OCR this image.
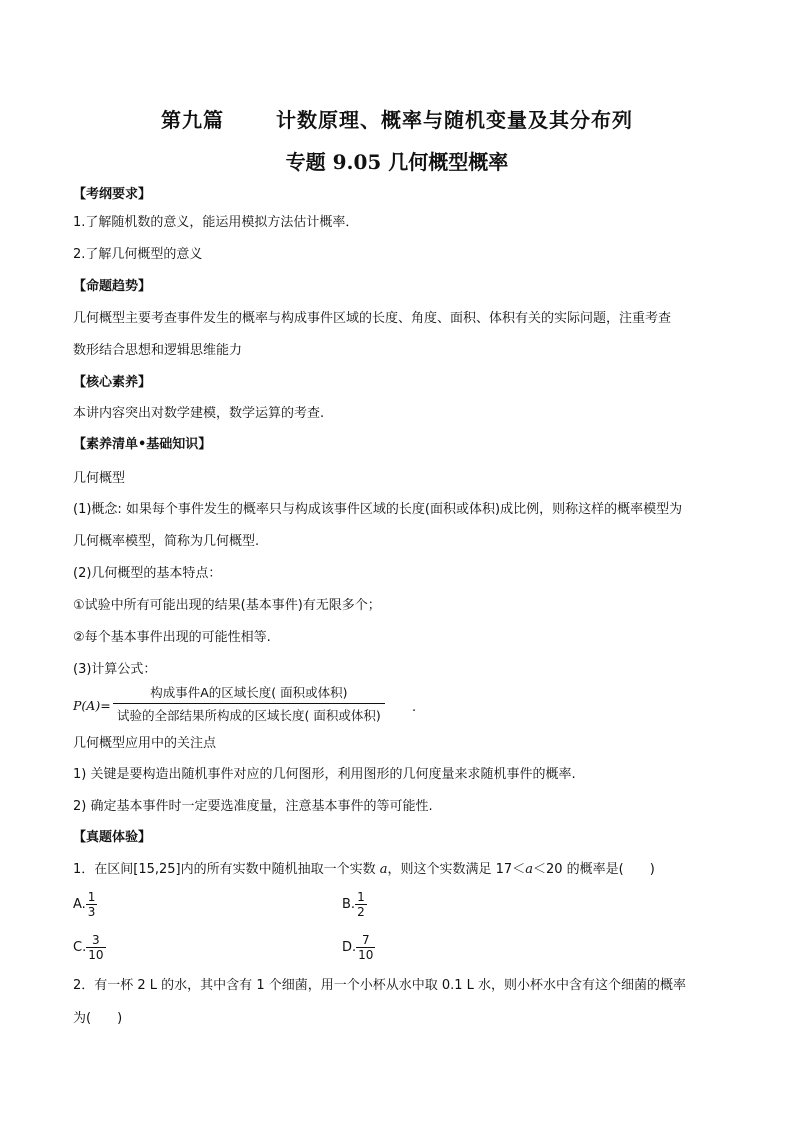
第九篇	计数原理、概率与随机变量及其分布列
专题 9.05 几何概型概率
【考纲要求】
1.了解随机数的意义，能运用模拟方法估计概率．
2.了解几何概型的意义
【命题趋势】
几何概型主要考查事件发生的概率与构成事件区域的长度、角度、面积、体积有关的实际问题，注重考查
数形结合思想和逻辑思维能力
【核心素养】
本讲内容突出对数学建模，数学运算的考查.
【素养清单•基础知识】
几何概型
(1)概念: 如果每个事件发生的概率只与构成该事件区域的长度(面积或体积)成比例，则称这样的概率模型为
几何概率模型，简称为几何概型.
(2)几何概型的基本特点：
①试验中所有可能出现的结果(基本事件)有无限多个；
②每个基本事件出现的可能性相等.
(3)计算公式：
P(A)=
构成事件A的区域长度( 面积或体积)
试验的全部结果所构成的区域长度( 面积或体积)
.
几何概型应用中的关注点
1) 关键是要构造出随机事件对应的几何图形，利用图形的几何度量来求随机事件的概率.
2) 确定基本事件时一定要选准度量，注意基本事件的等可能性.
【真题体验】
1．在区间[15,25]内的所有实数中随机抽取一个实数 a，则这个实数满足 17＜a＜20 的概率是(　　)
A. $\frac{1}{3}$	B. $\frac{1}{2}$
C. $\frac{3}{10}$	D. $\frac{7}{10}$
2．有一杯 2 L 的水，其中含有 1 个细菌，用一个小杯从水中取 0.1 L 水，则小杯水中含有这个细菌的概率
为(　　)
